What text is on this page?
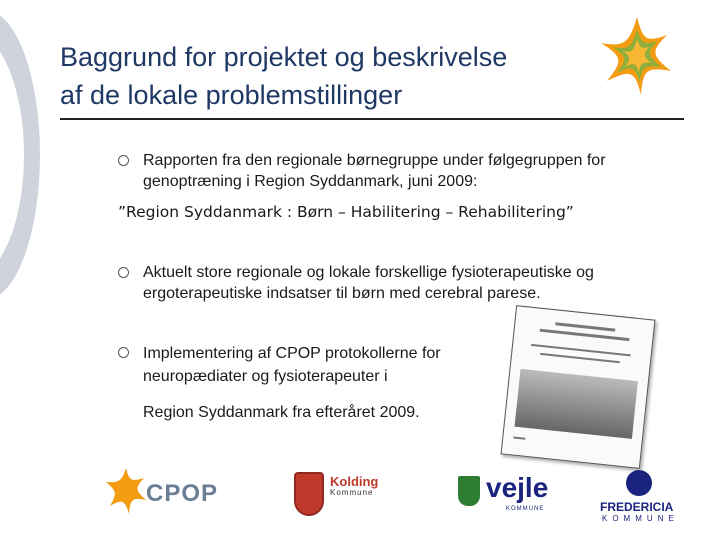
Baggrund for projektet og beskrivelse
af de lokale problemstillinger
Rapporten fra den regionale børnegruppe under følgegruppen for
genoptræning i Region Syddanmark, juni 2009:
”Region Syddanmark : Børn – Habilitering – Rehabilitering”
Aktuelt store regionale og lokale forskellige fysioterapeutiske og
ergoterapeutiske indsatser til børn med cerebral parese.
Implementering af CPOP protokollerne for
neuropædiater og fysioterapeuter i
Region Syddanmark fra efteråret 2009.
CPOP	Kolding
Kommune	vejle
KOMMUNE	FREDERICIA
KOMMUNE
